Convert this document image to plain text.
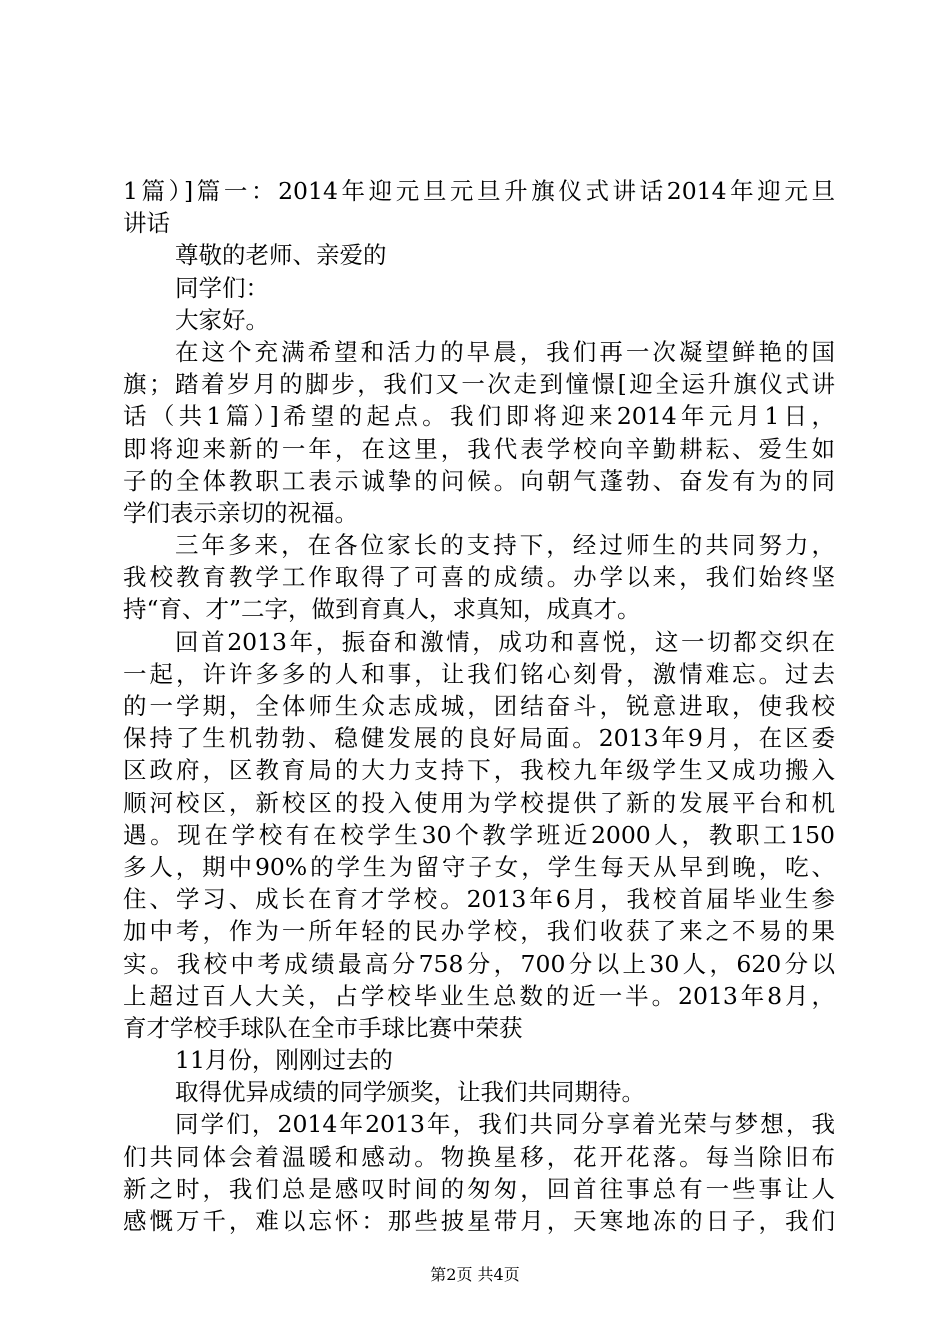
1篇）]篇一：2014年迎元旦元旦升旗仪式讲话2014年迎元旦
讲话
尊敬的老师、亲爱的
同学们：
大家好。
在这个充满希望和活力的早晨，我们再一次凝望鲜艳的国
旗；踏着岁月的脚步，我们又一次走到憧憬[迎全运升旗仪式讲
话（共1篇）]希望的起点。我们即将迎来2014年元月1日，
即将迎来新的一年，在这里，我代表学校向辛勤耕耘、爱生如
子的全体教职工表示诚挚的问候。向朝气蓬勃、奋发有为的同
学们表示亲切的祝福。
三年多来，在各位家长的支持下，经过师生的共同努力，
我校教育教学工作取得了可喜的成绩。办学以来，我们始终坚
持“育、才”二字，做到育真人，求真知，成真才。
回首2013年，振奋和激情，成功和喜悦，这一切都交织在
一起，许许多多的人和事，让我们铭心刻骨，激情难忘。过去
的一学期，全体师生众志成城，团结奋斗，锐意进取，使我校
保持了生机勃勃、稳健发展的良好局面。2013年9月，在区委
区政府，区教育局的大力支持下，我校九年级学生又成功搬入
顺河校区，新校区的投入使用为学校提供了新的发展平台和机
遇。现在学校有在校学生30个教学班近2000人，教职工150
多人，期中90%的学生为留守子女，学生每天从早到晚，吃、
住、学习、成长在育才学校。2013年6月，我校首届毕业生参
加中考，作为一所年轻的民办学校，我们收获了来之不易的果
实。我校中考成绩最高分758分，700分以上30人，620分以
上超过百人大关，占学校毕业生总数的近一半。2013年8月，
育才学校手球队在全市手球比赛中荣获
11月份，刚刚过去的
取得优异成绩的同学颁奖，让我们共同期待。
同学们，2014年2013年，我们共同分享着光荣与梦想，我
们共同体会着温暖和感动。物换星移，花开花落。每当除旧布
新之时，我们总是感叹时间的匆匆，回首往事总有一些事让人
感慨万千，难以忘怀：那些披星带月，天寒地冻的日子，我们
第2页 共4页
